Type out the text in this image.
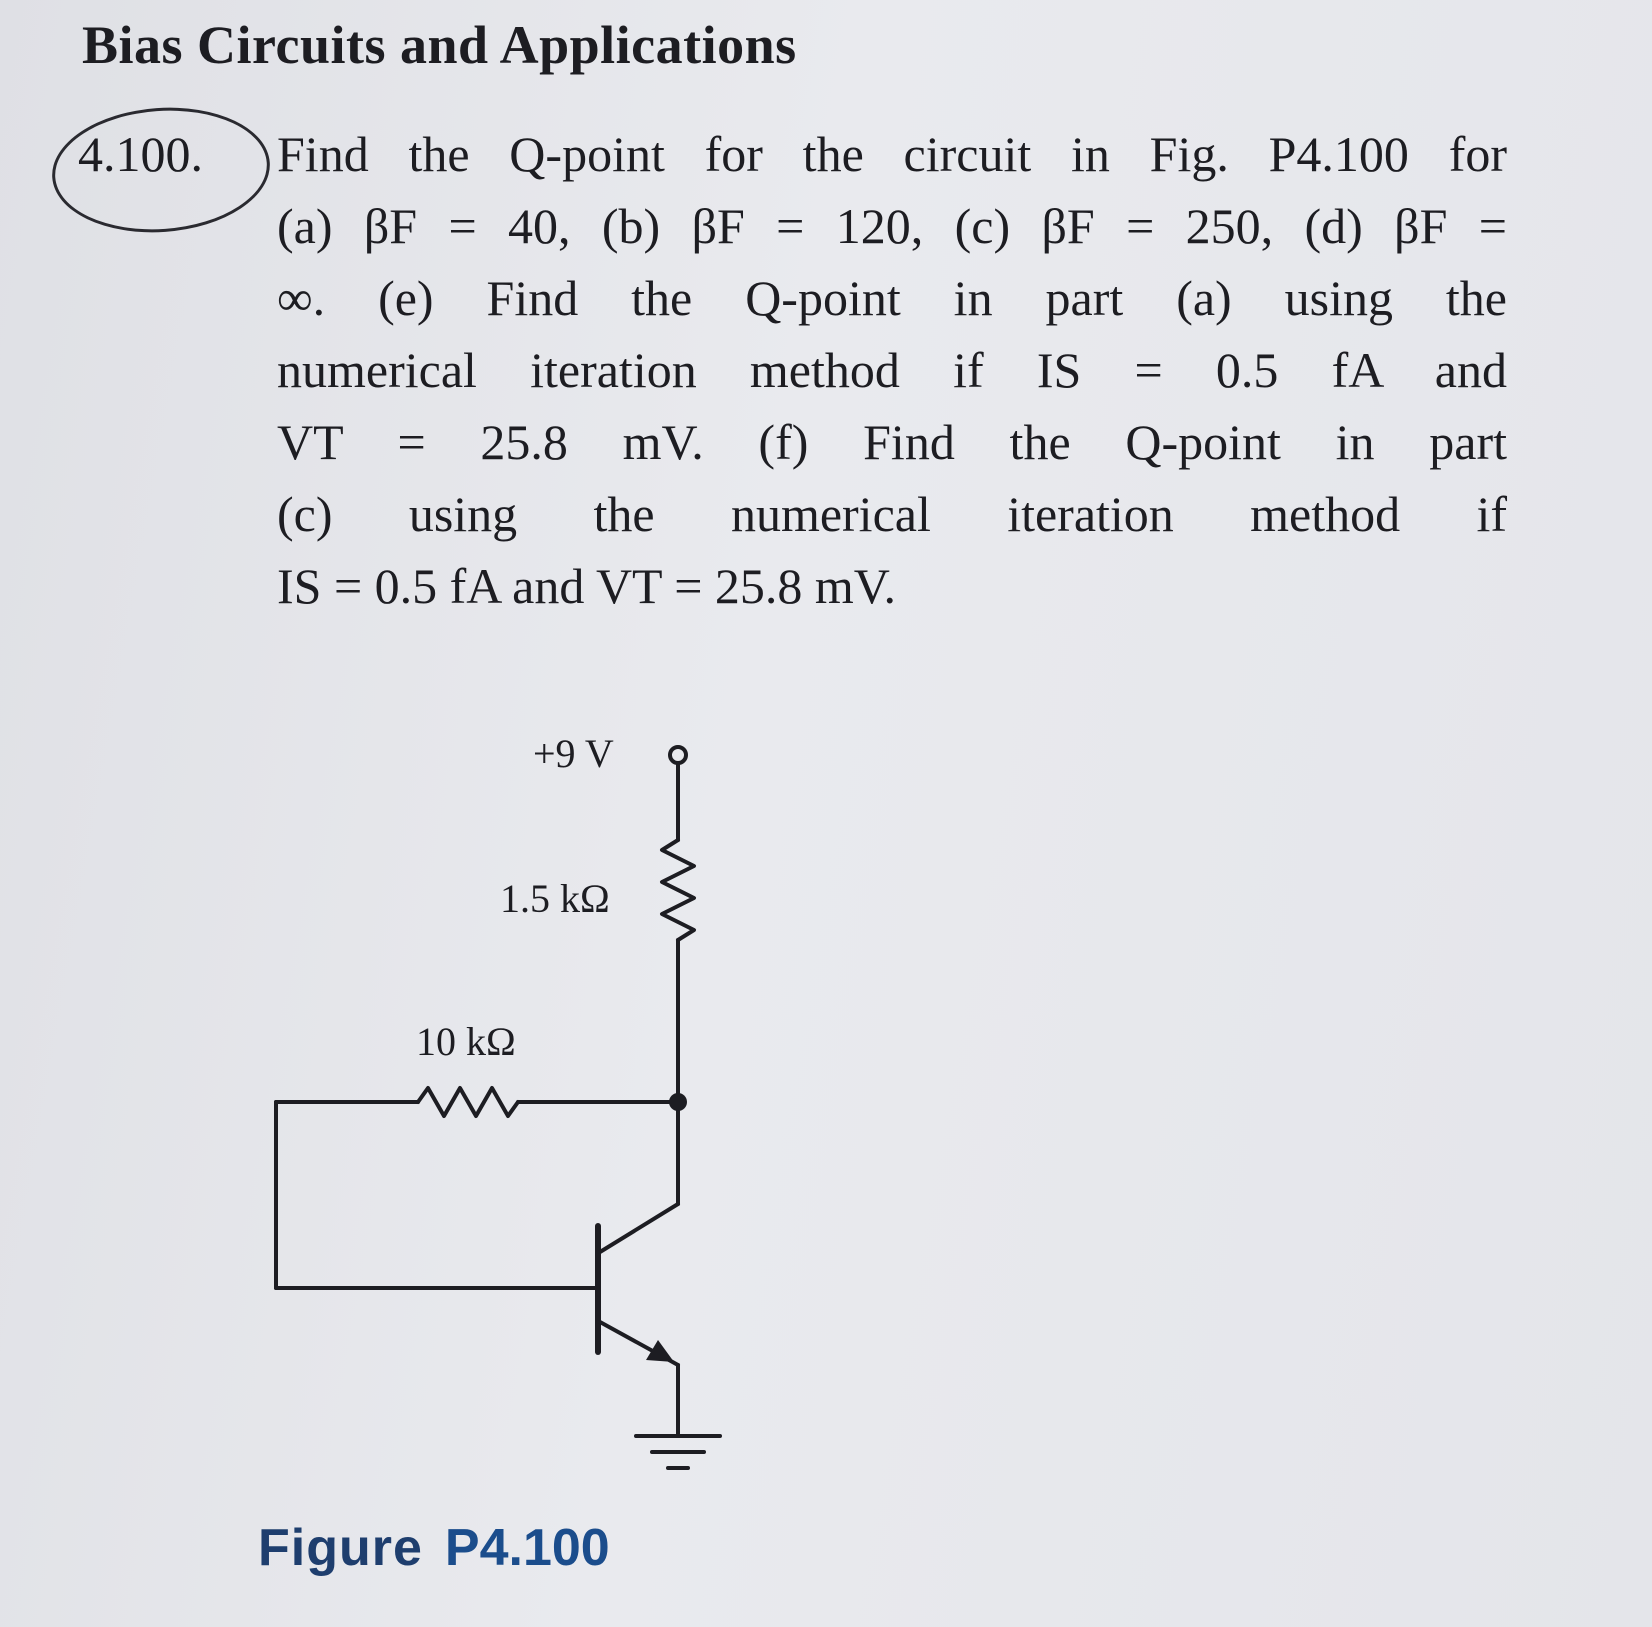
Bias Circuits and Applications
4.100. Find the Q-point for the circuit in Fig. P4.100 for
(a) βF = 40, (b) βF = 120, (c) βF = 250, (d) βF =
∞. (e) Find the Q-point in part (a) using the
numerical iteration method if IS = 0.5 fA and
VT = 25.8 mV. (f) Find the Q-point in part
(c) using the numerical iteration method if
IS = 0.5 fA and VT = 25.8 mV.
+9 V
1.5 kΩ
10 kΩ
Figure P4.100
